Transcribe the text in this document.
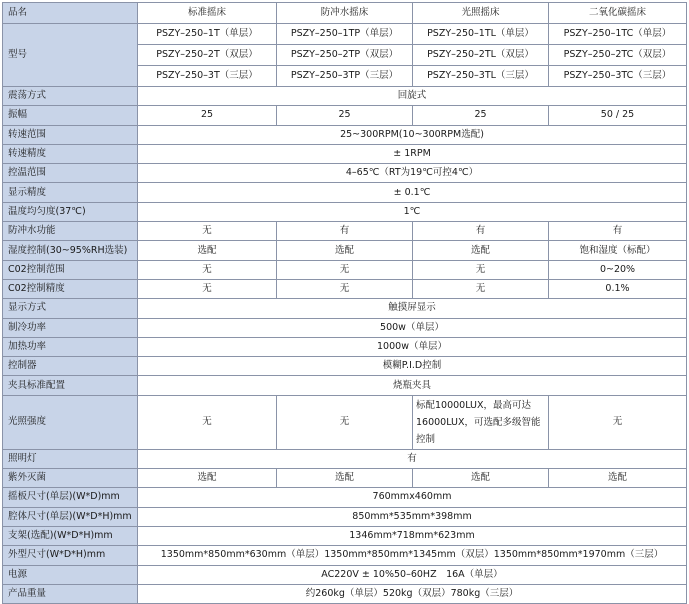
品名	标准摇床	防冲水摇床	光照摇床	二氧化碳摇床
型号	PSZY–250–1T（单层）	PSZY–250–1TP（单层）	PSZY–250–1TL（单层）	PSZY–250–1TC（单层）
	PSZY–250–2T（双层）	PSZY–250–2TP（双层）	PSZY–250–2TL（双层）	PSZY–250–2TC（双层）
	PSZY–250–3T（三层）	PSZY–250–3TP（三层）	PSZY–250–3TL（三层）	PSZY–250–3TC（三层）
震荡方式	回旋式			
振幅	25	25	25	50 / 25
转速范围	25~300RPM(10~300RPM选配)			
转速精度	± 1RPM			
控温范围	4–65℃（RT为19℃可控4℃）			
显示精度	± 0.1℃			
温度均匀度(37℃)	1℃			
防冲水功能	无	有	有	有
湿度控制(30~95%RH选装)	选配	选配	选配	饱和湿度（标配）
C02控制范围	无	无	无	0~20%
C02控制精度	无	无	无	0.1%
显示方式	触摸屏显示			
制冷功率	500w（单层）			
加热功率	1000w（单层）			
控制器	模糊P.I.D控制			
夹具标准配置	烧瓶夹具			
光照强度	无	无	标配10000LUX，最高可达16000LUX，可选配多级智能控制	无
照明灯	有			
紫外灭菌	选配	选配	选配	选配
摇板尺寸(单层)(W*D)mm	760mmx460mm			
腔体尺寸(单层)(W*D*H)mm	850mm*535mm*398mm			
支架(选配)(W*D*H)mm	1346mm*718mm*623mm			
外型尺寸(W*D*H)mm	1350mm*850mm*630mm（单层）1350mm*850mm*1345mm（双层）1350mm*850mm*1970mm（三层）			
电源	AC220V ± 10%50–60HZ　16A（单层）			
产品重量	约260kg（单层）520kg（双层）780kg（三层）			
